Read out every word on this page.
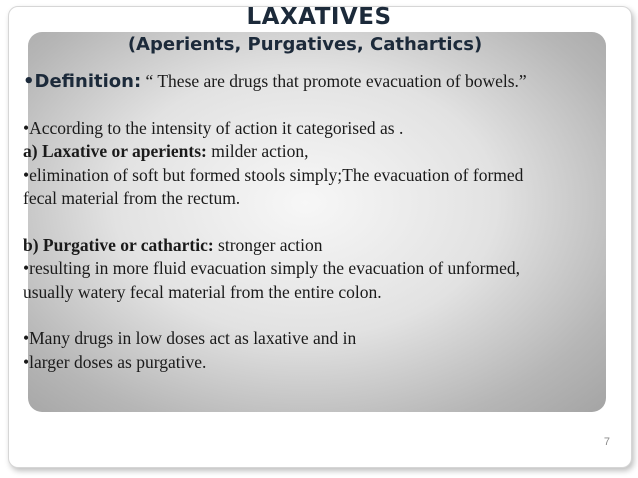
LAXATIVES
(Aperients, Purgatives, Cathartics)

•Definition: “ These are drugs that promote evacuation of bowels.”

•According to the intensity of action it categorised as .

a) Laxative or aperients: milder action,

•elimination of soft but formed stools simply;The evacuation of formed

fecal material from the rectum.

b) Purgative or cathartic: stronger action

•resulting in more fluid evacuation simply the evacuation of unformed,

usually watery fecal material from the entire colon.

•Many drugs in low doses act as laxative and in

•larger doses as purgative.

7
